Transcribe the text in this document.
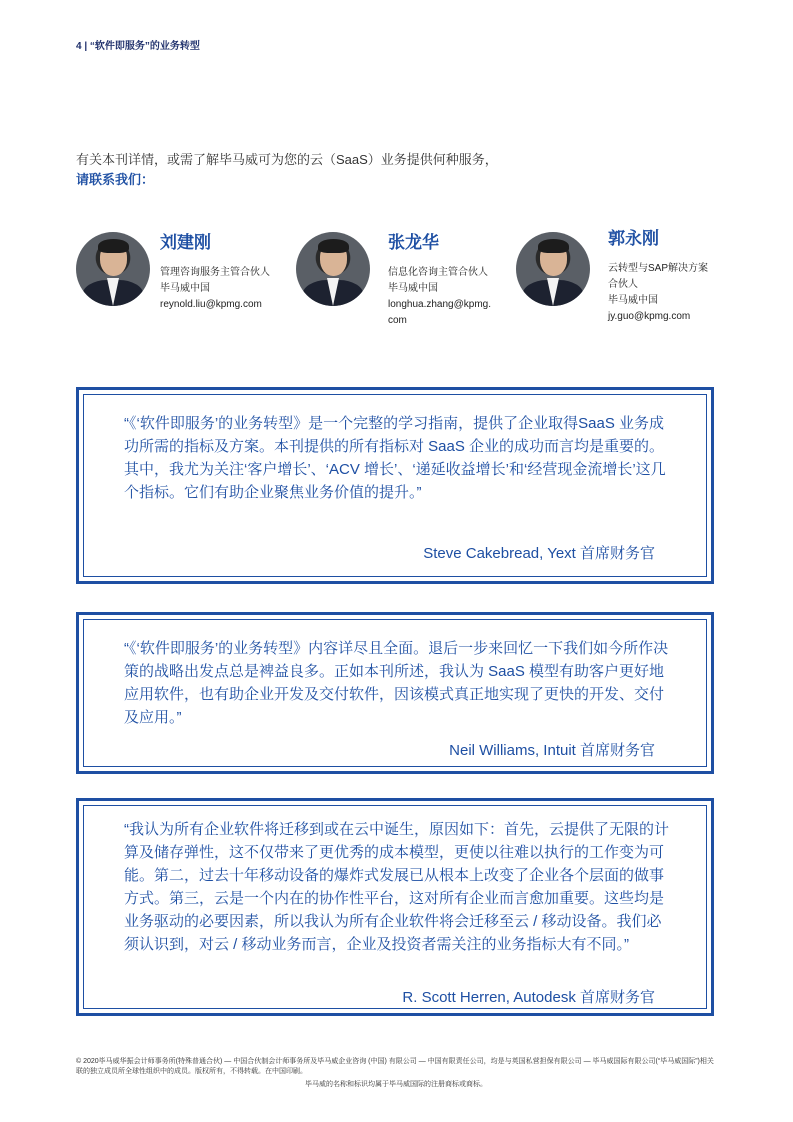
4 | “软件即服务”的业务转型
有关本刊详情，或需了解毕马威可为您的云（SaaS）业务提供何种服务，
请联系我们：
刘建刚
管理咨询服务主管合伙人
毕马威中国
reynold.liu@kpmg.com
张龙华
信息化咨询主管合伙人
毕马威中国
longhua.zhang@kpmg.
com
郭永刚
云转型与SAP解决方案
合伙人
毕马威中国
jy.guo@kpmg.com
“《‘软件即服务’的业务转型》是一个完整的学习指南，提供了企业取得SaaS 业务成功所需的指标及方案。本刊提供的所有指标对 SaaS 企业的成功而言均是重要的。其中，我尤为关注‘客户增长’、‘ACV 增长’、‘递延收益增长’和‘经营现金流增长’这几个指标。它们有助企业聚焦业务价值的提升。”
Steve Cakebread, Yext 首席财务官
“《‘软件即服务’的业务转型》内容详尽且全面。退后一步来回忆一下我们如今所作决策的战略出发点总是裨益良多。正如本刊所述，我认为 SaaS 模型有助客户更好地应用软件，也有助企业开发及交付软件，因该模式真正地实现了更快的开发、交付及应用。”
Neil Williams, Intuit 首席财务官
“我认为所有企业软件将迁移到或在云中诞生，原因如下：首先，云提供了无限的计算及储存弹性，这不仅带来了更优秀的成本模型，更使以往难以执行的工作变为可能。第二，过去十年移动设备的爆炸式发展已从根本上改变了企业各个层面的做事方式。第三，云是一个内在的协作性平台，这对所有企业而言愈加重要。这些均是业务驱动的必要因素，所以我认为所有企业软件将会迁移至云 / 移动设备。我们必须认识到，对云 / 移动业务而言，企业及投资者需关注的业务指标大有不同。”
R. Scott Herren, Autodesk 首席财务官
© 2020毕马威华振会计师事务所(特殊普通合伙) — 中国合伙制会计师事务所及毕马威企业咨询 (中国) 有限公司 — 中国有限责任公司，均是与英国私营担保有限公司 — 毕马威国际有限公司(“毕马威国际”)相关联的独立成员所全球性组织中的成员。版权所有，不得转载。在中国印刷。
毕马威的名称和标识均属于毕马威国际的注册商标或商标。
